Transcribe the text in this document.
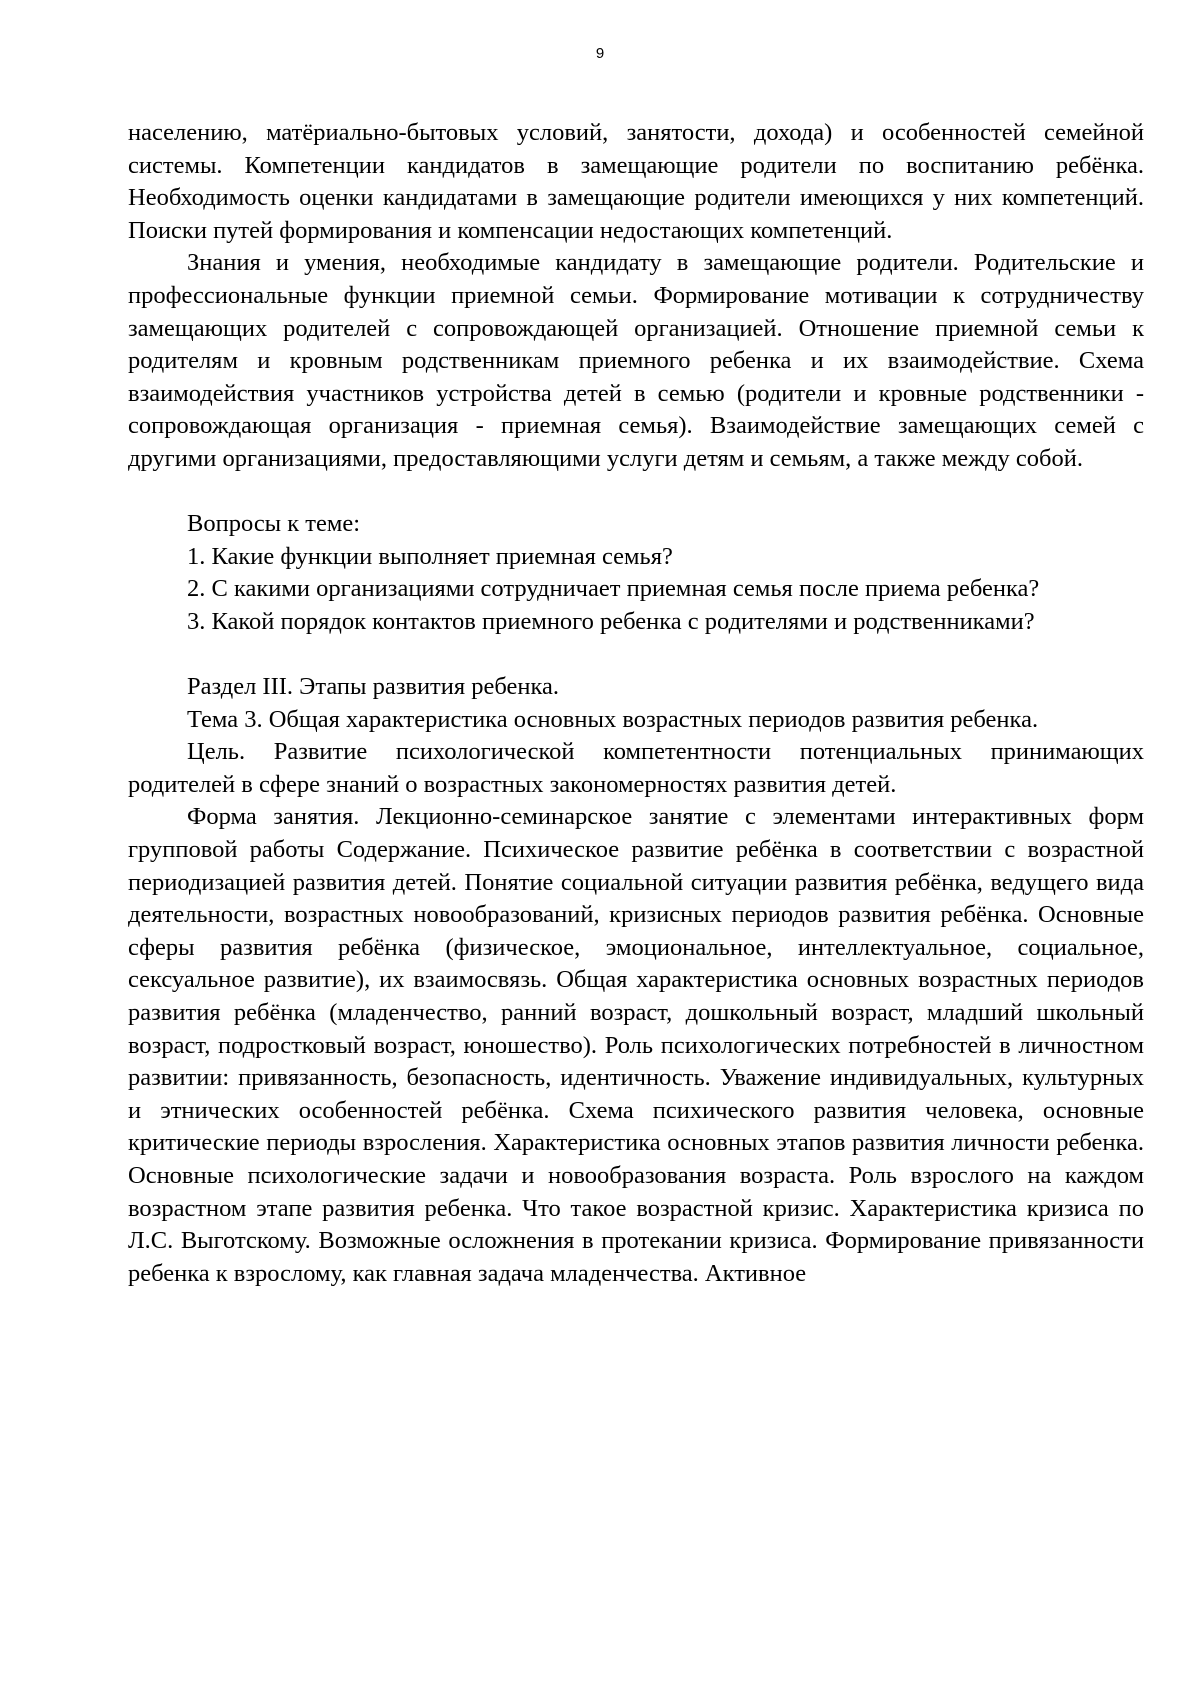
9

населению, матёриально-бытовых условий, занятости, дохода) и особенностей семейной системы. Компетенции кандидатов в замещающие родители по воспитанию ребёнка. Необходимость оценки кандидатами в замещающие родители имеющихся у них компетенций. Поиски путей формирования и компенсации недостающих компетенций.

Знания и умения, необходимые кандидату в замещающие родители. Родительские и профессиональные функции приемной семьи. Формирование мотивации к сотрудничеству замещающих родителей с сопровождающей организацией. Отношение приемной семьи к родителям и кровным родственникам приемного ребенка и их взаимодействие. Схема взаимодействия участников устройства детей в семью (родители и кровные родственники - сопровождающая организация - приемная семья). Взаимодействие замещающих семей с другими организациями, предоставляющими услуги детям и семьям, а также между собой.

Вопросы к теме:

1. Какие функции выполняет приемная семья?

2. С какими организациями сотрудничает приемная семья после приема ребенка?

3. Какой порядок контактов приемного ребенка с родителями и родственниками?

Раздел III. Этапы развития ребенка.

Тема 3. Общая характеристика основных возрастных периодов развития ребенка.

Цель. Развитие психологической компетентности потенциальных принимающих родителей в сфере знаний о возрастных закономерностях развития детей.

Форма занятия. Лекционно-семинарское занятие с элементами интерактивных форм групповой работы Содержание. Психическое развитие ребёнка в соответствии с возрастной периодизацией развития детей. Понятие социальной ситуации развития ребёнка, ведущего вида деятельности, возрастных новообразований, кризисных периодов развития ребёнка. Основные сферы развития ребёнка (физическое, эмоциональное, интеллектуальное, социальное, сексуальное развитие), их взаимосвязь. Общая характеристика основных возрастных периодов развития ребёнка (младенчество, ранний возраст, дошкольный возраст, младший школьный возраст, подростковый возраст, юношество). Роль психологических потребностей в личностном развитии: привязанность, безопасность, идентичность. Уважение индивидуальных, культурных и этнических особенностей ребёнка. Схема психического развития человека, основные критические периоды взросления. Характеристика основных этапов развития личности ребенка. Основные психологические задачи и новообразования возраста. Роль взрослого на каждом возрастном этапе развития ребенка. Что такое возрастной кризис. Характеристика кризиса по Л.С. Выготскому. Возможные осложнения в протекании кризиса. Формирование привязанности ребенка к взрослому, как главная задача младенчества. Активное
